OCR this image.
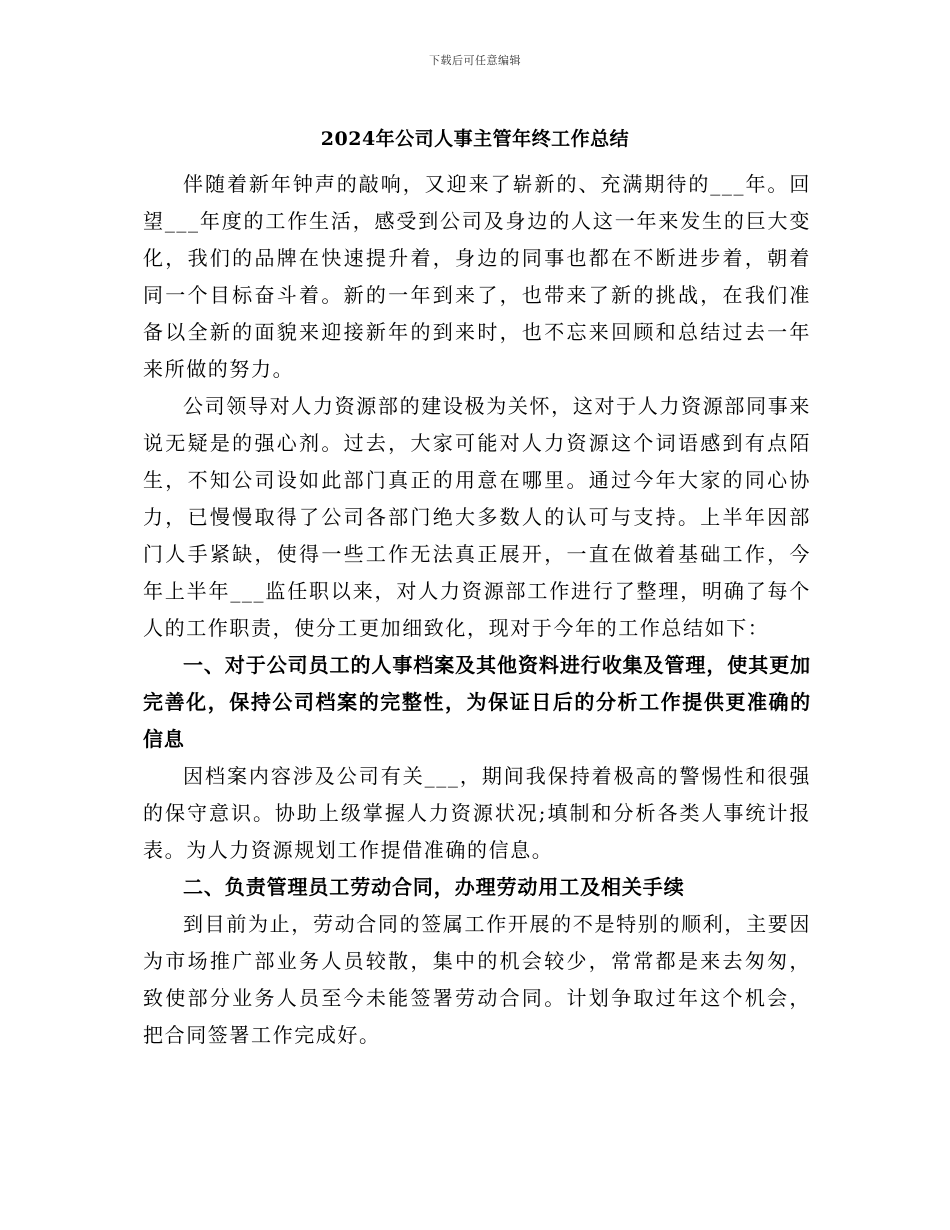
下载后可任意编辑
2024年公司人事主管年终工作总结

伴随着新年钟声的敲响，又迎来了崭新的、充满期待的___年。回望___年度的工作生活，感受到公司及身边的人这一年来发生的巨大变化，我们的品牌在快速提升着，身边的同事也都在不断进步着，朝着同一个目标奋斗着。新的一年到来了，也带来了新的挑战，在我们准备以全新的面貌来迎接新年的到来时，也不忘来回顾和总结过去一年来所做的努力。

公司领导对人力资源部的建设极为关怀，这对于人力资源部同事来说无疑是的强心剂。过去，大家可能对人力资源这个词语感到有点陌生，不知公司设如此部门真正的用意在哪里。通过今年大家的同心协力，已慢慢取得了公司各部门绝大多数人的认可与支持。上半年因部门人手紧缺，使得一些工作无法真正展开，一直在做着基础工作，今年上半年___监任职以来，对人力资源部工作进行了整理，明确了每个人的工作职责，使分工更加细致化，现对于今年的工作总结如下：

一、对于公司员工的人事档案及其他资料进行收集及管理，使其更加完善化，保持公司档案的完整性，为保证日后的分析工作提供更准确的信息

因档案内容涉及公司有关___，期间我保持着极高的警惕性和很强的保守意识。协助上级掌握人力资源状况;填制和分析各类人事统计报表。为人力资源规划工作提借准确的信息。

二、负责管理员工劳动合同，办理劳动用工及相关手续

到目前为止，劳动合同的签属工作开展的不是特别的顺利，主要因为市场推广部业务人员较散，集中的机会较少，常常都是来去匆匆，致使部分业务人员至今未能签署劳动合同。计划争取过年这个机会，把合同签署工作完成好。
